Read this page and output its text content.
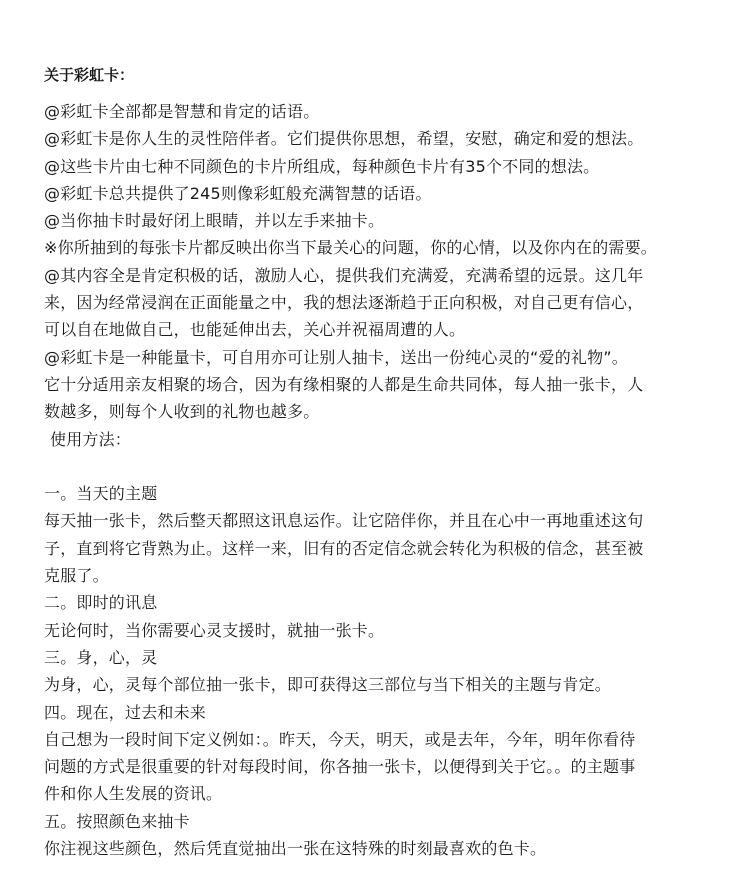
关于彩虹卡：
@彩虹卡全部都是智慧和肯定的话语。
@彩虹卡是你人生的灵性陪伴者。它们提供你思想，希望，安慰，确定和爱的想法。
@这些卡片由七种不同颜色的卡片所组成，每种颜色卡片有35个不同的想法。
@彩虹卡总共提供了245则像彩虹般充满智慧的话语。
@当你抽卡时最好闭上眼睛，并以左手来抽卡。
※你所抽到的每张卡片都反映出你当下最关心的问题，你的心情，以及你内在的需要。
@其内容全是肯定积极的话，激励人心，提供我们充满爱，充满希望的远景。这几年
来，因为经常浸润在正面能量之中，我的想法逐渐趋于正向积极，对自己更有信心，
可以自在地做自己，也能延伸出去，关心并祝福周遭的人。
@彩虹卡是一种能量卡，可自用亦可让别人抽卡，送出一份纯心灵的“爱的礼物”。
它十分适用亲友相聚的场合，因为有缘相聚的人都是生命共同体，每人抽一张卡，人
数越多，则每个人收到的礼物也越多。
使用方法：
一。当天的主题
每天抽一张卡，然后整天都照这讯息运作。让它陪伴你，并且在心中一再地重述这句
子，直到将它背熟为止。这样一来，旧有的否定信念就会转化为积极的信念，甚至被
克服了。
二。即时的讯息
无论何时，当你需要心灵支援时，就抽一张卡。
三。身，心，灵
为身，心，灵每个部位抽一张卡，即可获得这三部位与当下相关的主题与肯定。
四。现在，过去和未来
自己想为一段时间下定义例如：。昨天，今天，明天，或是去年，今年，明年你看待
问题的方式是很重要的针对每段时间，你各抽一张卡，以便得到关于它。。的主题事
件和你人生发展的资讯。
五。按照颜色来抽卡
你注视这些颜色，然后凭直觉抽出一张在这特殊的时刻最喜欢的色卡。
